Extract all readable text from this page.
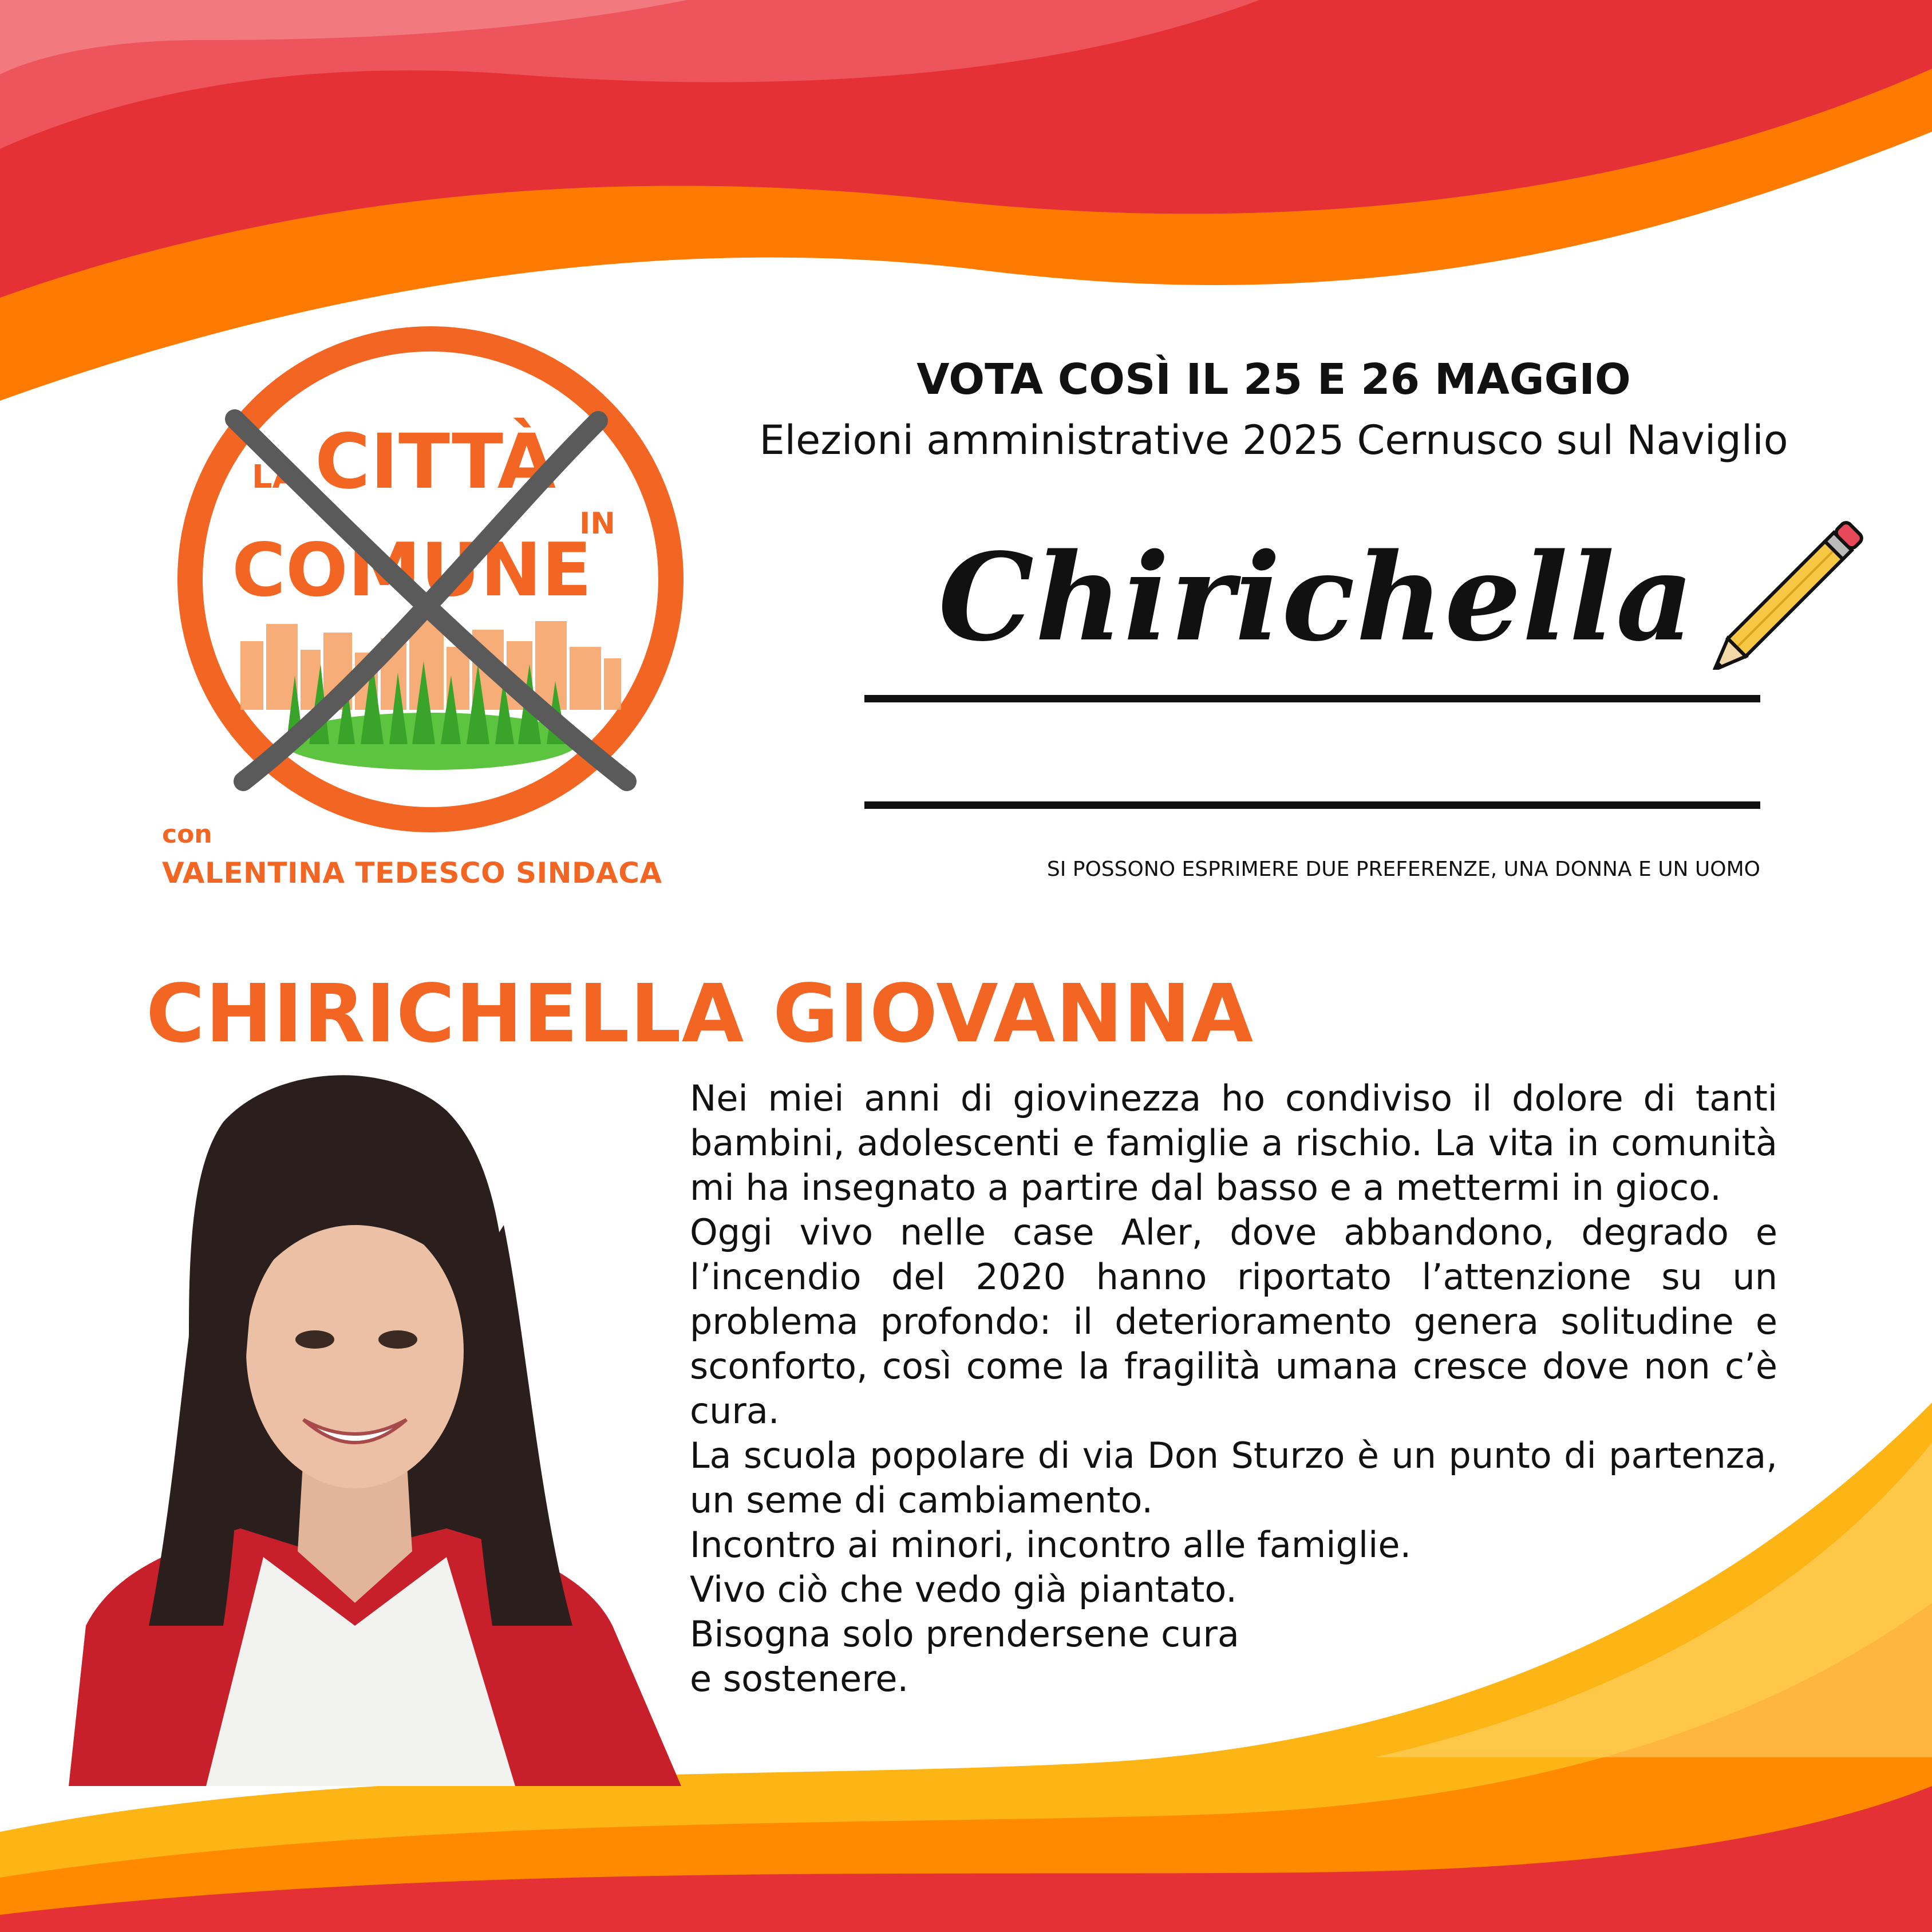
LA CITTÀ
IN
COMUNE
con
VALENTINA TEDESCO SINDACA
VOTA COSÌ IL 25 E 26 MAGGIO
Elezioni amministrative 2025 Cernusco sul Naviglio
Chirichella
SI POSSONO ESPRIMERE DUE PREFERENZE, UNA DONNA E UN UOMO
CHIRICHELLA GIOVANNA

Nei miei anni di giovinezza ho condiviso il dolore di tanti bambini, adolescenti e famiglie a rischio. La vita in comunità mi ha insegnato a partire dal basso e a mettermi in gioco.

Oggi vivo nelle case Aler, dove abbandono, degrado e l’incendio del 2020 hanno riportato l’attenzione su un problema profondo: il deterioramento genera solitudine e sconforto, così come la fragilità umana cresce dove non c’è cura.

La scuola popolare di via Don Sturzo è un punto di partenza, un seme di cambiamento.

Incontro ai minori, incontro alle famiglie.

Vivo ciò che vedo già piantato.

Bisogna solo prendersene cura

e sostenere.
